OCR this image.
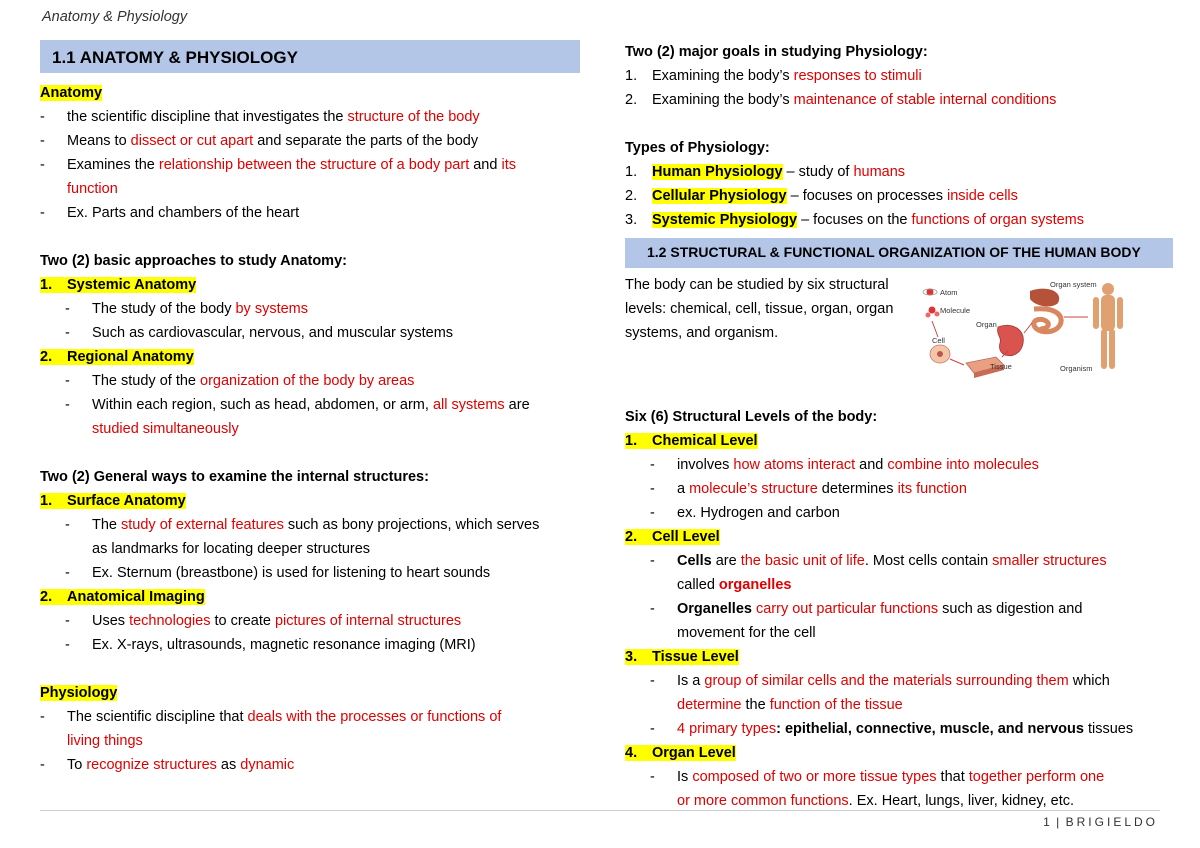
Anatomy & Physiology
1.1 ANATOMY & PHYSIOLOGY
Anatomy
- the scientific discipline that investigates the structure of the body
- Means to dissect or cut apart and separate the parts of the body
- Examines the relationship between the structure of a body part and its
function
- Ex. Parts and chambers of the heart
Two (2) basic approaches to study Anatomy:
1. Systemic Anatomy
- The study of the body by systems
- Such as cardiovascular, nervous, and muscular systems
2. Regional Anatomy
- The study of the organization of the body by areas
- Within each region, such as head, abdomen, or arm, all systems are
studied simultaneously
Two (2) General ways to examine the internal structures:
1. Surface Anatomy
- The study of external features such as bony projections, which serves
as landmarks for locating deeper structures
- Ex. Sternum (breastbone) is used for listening to heart sounds
2. Anatomical Imaging
- Uses technologies to create pictures of internal structures
- Ex. X-rays, ultrasounds, magnetic resonance imaging (MRI)
Physiology
- The scientific discipline that deals with the processes or functions of
living things
- To recognize structures as dynamic
Two (2) major goals in studying Physiology:
1. Examining the body’s responses to stimuli
2. Examining the body’s maintenance of stable internal conditions
Types of Physiology:
1. Human Physiology – study of humans
2. Cellular Physiology – focuses on processes inside cells
3. Systemic Physiology – focuses on the functions of organ systems
1.2 STRUCTURAL & FUNCTIONAL ORGANIZATION OF THE HUMAN BODY
The body can be studied by six structural levels: chemical, cell, tissue, organ, organ systems, and organism.
Atom
Molecule
Cell
Tissue
Organ
Organ system
Organism
Six (6) Structural Levels of the body:
1. Chemical Level
- involves how atoms interact and combine into molecules
- a molecule’s structure determines its function
- ex. Hydrogen and carbon
2. Cell Level
- Cells are the basic unit of life. Most cells contain smaller structures
called organelles
- Organelles carry out particular functions such as digestion and
movement for the cell
3. Tissue Level
- Is a group of similar cells and the materials surrounding them which
determine the function of the tissue
- 4 primary types: epithelial, connective, muscle, and nervous tissues
4. Organ Level
- Is composed of two or more tissue types that together perform one
or more common functions. Ex. Heart, lungs, liver, kidney, etc.
1 | BRIGIELDO
